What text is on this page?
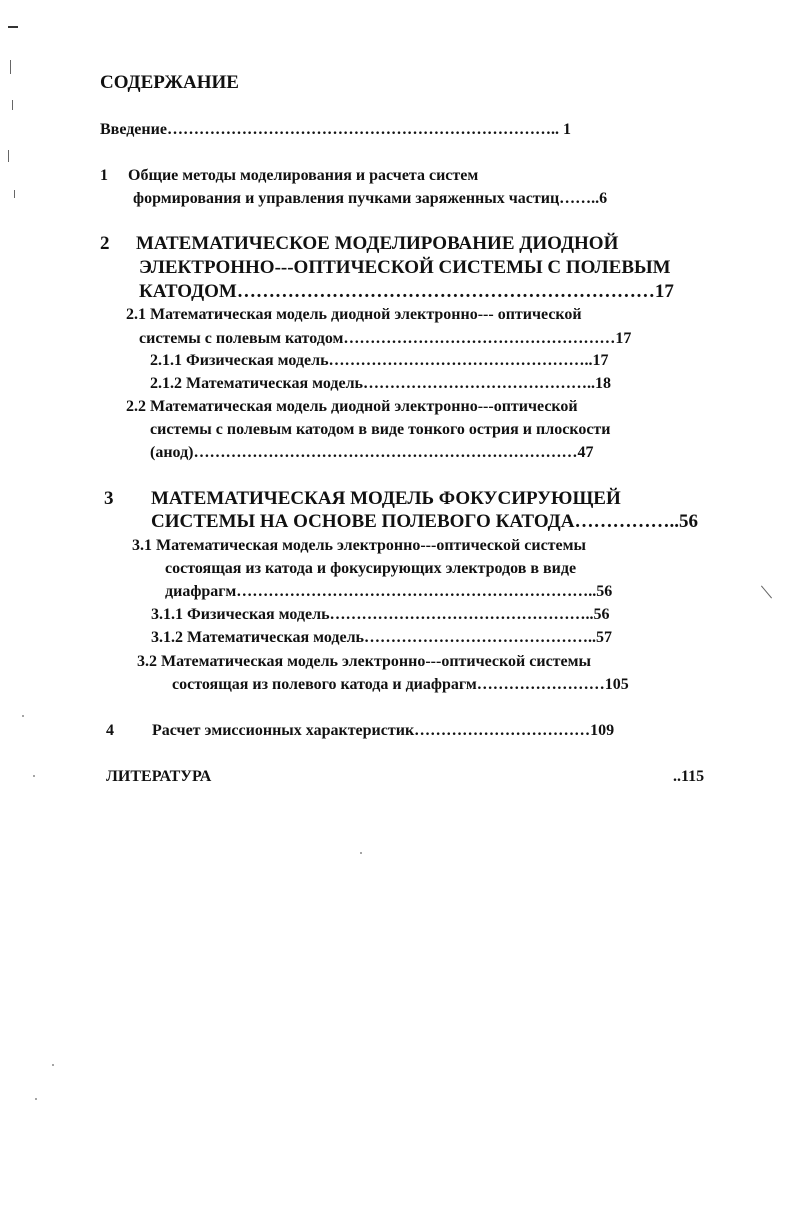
СОДЕРЖАНИЕ
Введение……………………………………………………………….. 1
1 Общие методы моделирования и расчета систем
формирования и управления пучками заряженных частиц……..6
2 МАТЕМАТИЧЕСКОЕ МОДЕЛИРОВАНИЕ ДИОДНОЙ
ЭЛЕКТРОННО---ОПТИЧЕСКОЙ СИСТЕМЫ С ПОЛЕВЫМ
КАТОДОМ…………………………………………………………17
2.1 Математическая модель диодной электронно--- оптической
системы с полевым катодом……………………………………………17
2.1.1 Физическая модель…………………………………………..17
2.1.2 Математическая модель……………………………………..18
2.2 Математическая модель диодной электронно---оптической
системы с полевым катодом в виде тонкого острия и плоскости
(анод)………………………………………………………………47
3 МАТЕМАТИЧЕСКАЯ МОДЕЛЬ ФОКУСИРУЮЩЕЙ
СИСТЕМЫ НА ОСНОВЕ ПОЛЕВОГО КАТОДА……………..56
3.1 Математическая модель электронно---оптической системы
состоящая из катода и фокусирующих электродов в виде
диафрагм…………………………………………………………..56
3.1.1 Физическая модель…………………………………………..56
3.1.2 Математическая модель……………………………………..57
3.2 Математическая модель электронно---оптической системы
состоящая из полевого катода и диафрагм……………………105
4 Расчет эмиссионных характеристик……………………………109
ЛИТЕРАТУРА	..115
